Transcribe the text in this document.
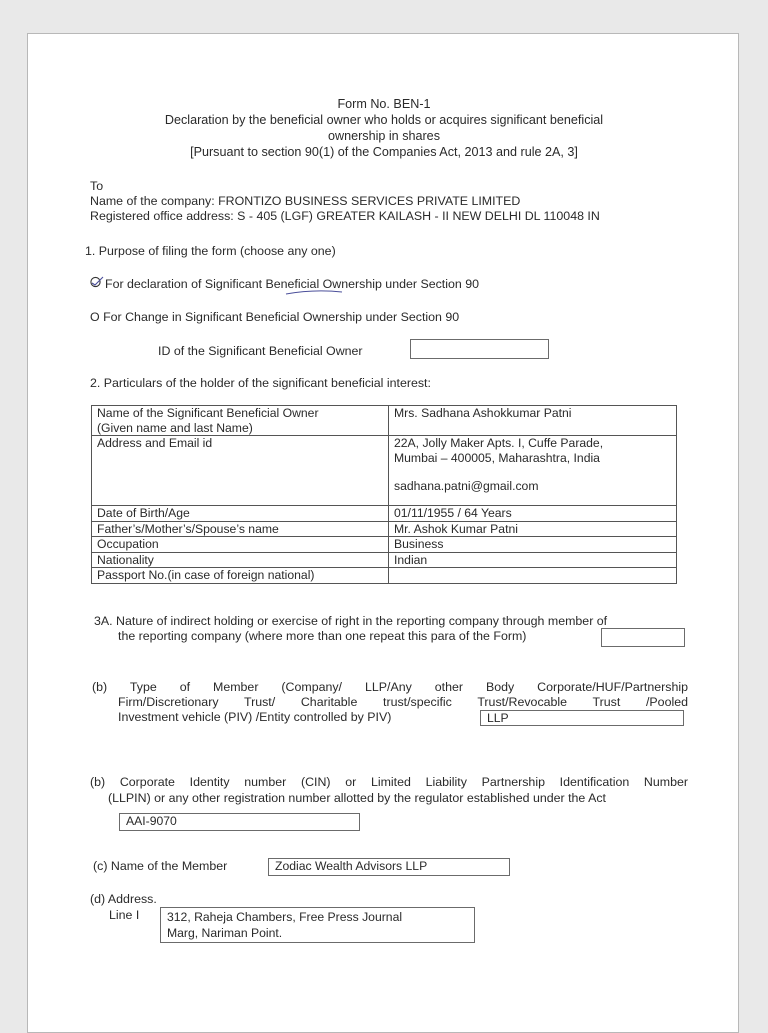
Form No. BEN-1
Declaration by the beneficial owner who holds or acquires significant beneficial
ownership in shares
[Pursuant to section 90(1) of the Companies Act, 2013 and rule 2A, 3]
To
Name of the company: FRONTIZO BUSINESS SERVICES PRIVATE LIMITED
Registered office address: S - 405 (LGF) GREATER KAILASH - II NEW DELHI DL 110048 IN
1. Purpose of filing the form (choose any one)
For declaration of Significant Beneficial Ownership under Section 90
O For Change in Significant Beneficial Ownership under Section 90
ID of the Significant Beneficial Owner
2. Particulars of the holder of the significant beneficial interest:
Name of the Significant Beneficial Owner
(Given name and last Name)	Mrs. Sadhana Ashokkumar Patni
Address and Email id	22A, Jolly Maker Apts. I, Cuffe Parade,
Mumbai – 400005, Maharashtra, India
sadhana.patni@gmail.com

Date of Birth/Age	01/11/1955 / 64 Years
Father’s/Mother’s/Spouse’s name	Mr. Ashok Kumar Patni
Occupation	Business
Nationality	Indian
Passport No.(in case of foreign national)	
3A. Nature of indirect holding or exercise of right in the reporting company through member of
the reporting company (where more than one repeat this para of the Form)
(b) Type of Member (Company/ LLP/Any other Body Corporate/HUF/Partnership
Firm/Discretionary Trust/ Charitable trust/specific Trust/Revocable Trust /Pooled
Investment vehicle (PIV) /Entity controlled by PIV)	LLP
(b) Corporate Identity number (CIN) or Limited Liability Partnership Identification Number
(LLPIN) or any other registration number allotted by the regulator established under the Act
AAI-9070
(c) Name of the Member	Zodiac Wealth Advisors LLP
(d) Address.
Line I 312, Raheja Chambers, Free Press Journal
Marg, Nariman Point.
